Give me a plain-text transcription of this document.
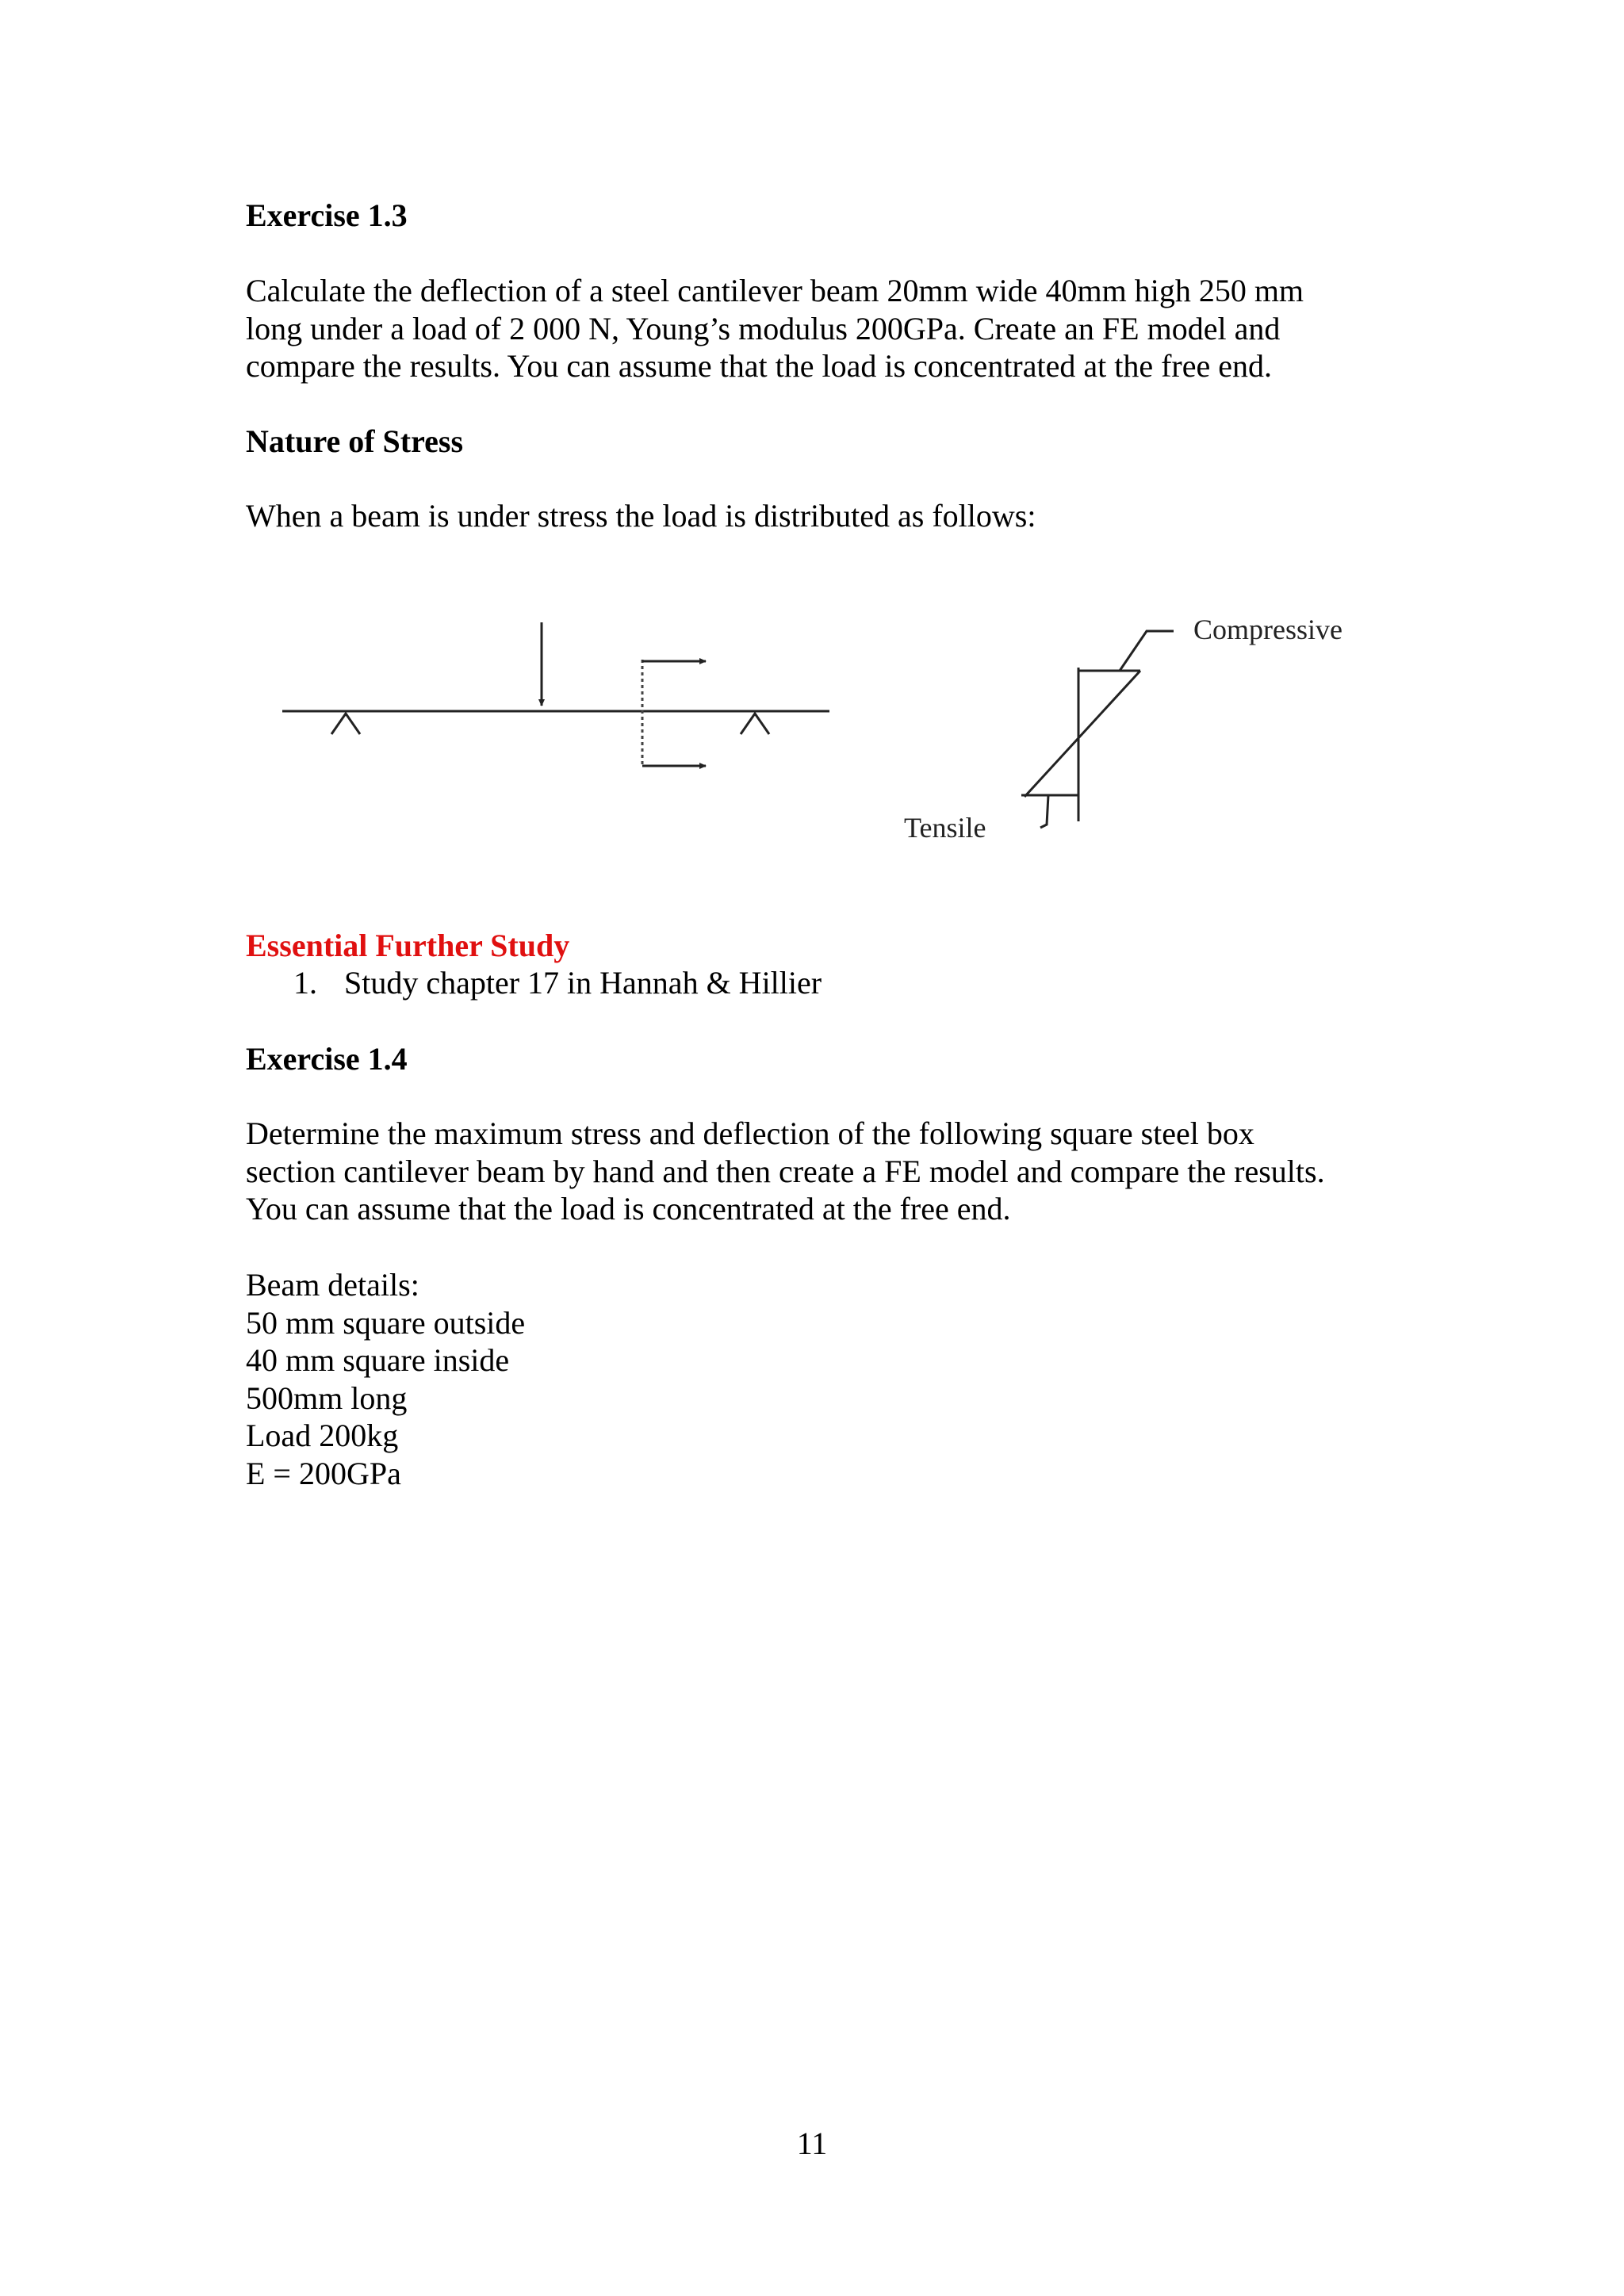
Exercise 1.3

Calculate the deflection of a steel cantilever beam 20mm wide 40mm high 250 mm
long under a load of 2 000 N, Young’s modulus 200GPa. Create an FE model and
compare the results. You can assume that the load is concentrated at the free end.

Nature of Stress

When a beam is under stress the load is distributed as follows:

Compressive
Tensile

Essential Further Study

1. Study chapter 17 in Hannah & Hillier

Exercise 1.4

Determine the maximum stress and deflection of the following square steel box
section cantilever beam by hand and then create a FE model and compare the results.
You can assume that the load is concentrated at the free end.

Beam details:
50 mm square outside
40 mm square inside
500mm long
Load 200kg
E = 200GPa

11
